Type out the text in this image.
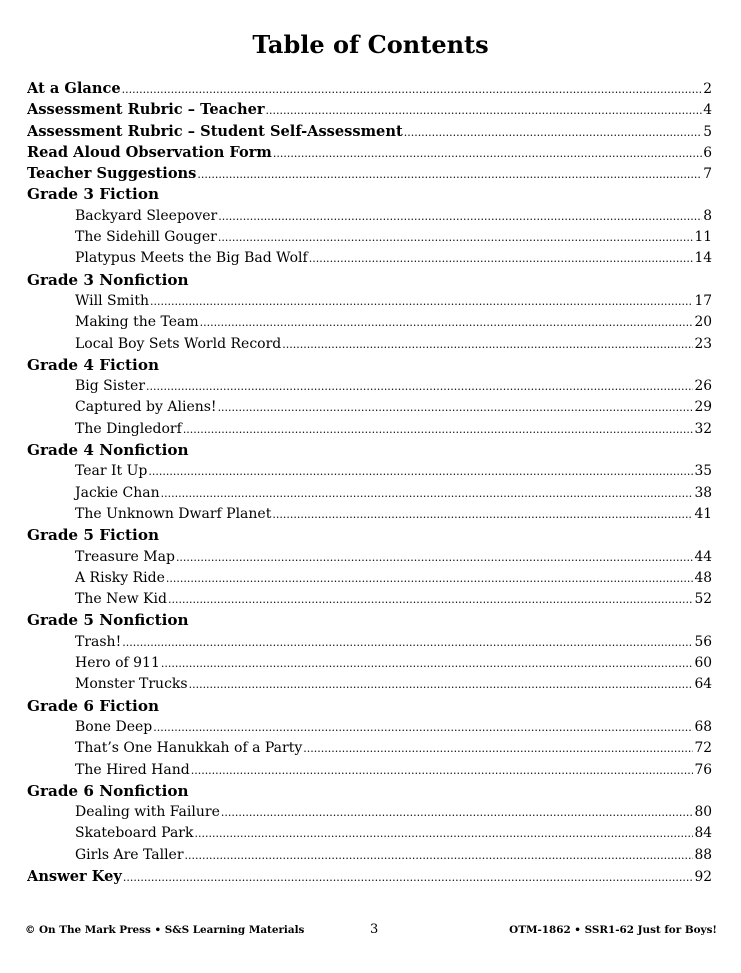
Table of Contents
At a Glance .....	2
Assessment Rubric – Teacher .....	4
Assessment Rubric – Student Self-Assessment .....	5
Read Aloud Observation Form .....	6
Teacher Suggestions .....	7
Grade 3 Fiction
Backyard Sleepover .....	8
The Sidehill Gouger .....	11
Platypus Meets the Big Bad Wolf .....	14
Grade 3 Nonfiction
Will Smith .....	17
Making the Team .....	20
Local Boy Sets World Record .....	23
Grade 4 Fiction
Big Sister .....	26
Captured by Aliens! .....	29
The Dingledorf .....	32
Grade 4 Nonfiction
Tear It Up .....	35
Jackie Chan .....	38
The Unknown Dwarf Planet .....	41
Grade 5 Fiction
Treasure Map .....	44
A Risky Ride .....	48
The New Kid .....	52
Grade 5 Nonfiction
Trash! .....	56
Hero of 911 .....	60
Monster Trucks .....	64
Grade 6 Fiction
Bone Deep .....	68
That’s One Hanukkah of a Party .....	72
The Hired Hand .....	76
Grade 6 Nonfiction
Dealing with Failure .....	80
Skateboard Park .....	84
Girls Are Taller .....	88
Answer Key .....	92
© On The Mark Press • S&S Learning Materials	3	OTM-1862 • SSR1-62 Just for Boys!
